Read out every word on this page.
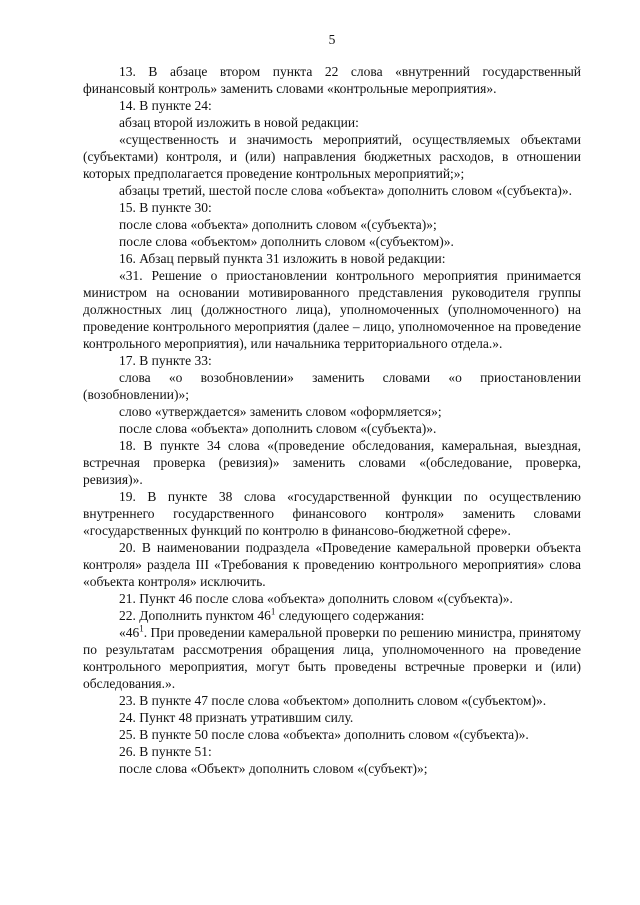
5

13. В абзаце втором пункта 22 слова «внутренний государственный финансовый контроль» заменить словами «контрольные мероприятия».

14. В пункте 24:

абзац второй изложить в новой редакции:

«существенность и значимость мероприятий, осуществляемых объектами (субъектами) контроля, и (или) направления бюджетных расходов, в отношении которых предполагается проведение контрольных мероприятий;»;

абзацы третий, шестой после слова «объекта» дополнить словом «(субъекта)».

15. В пункте 30:

после слова «объекта» дополнить словом «(субъекта)»;

после слова «объектом» дополнить словом «(субъектом)».

16. Абзац первый пункта 31 изложить в новой редакции:

«31. Решение о приостановлении контрольного мероприятия принимается министром на основании мотивированного представления руководителя группы должностных лиц (должностного лица), уполномоченных (уполномоченного) на проведение контрольного мероприятия (далее – лицо, уполномоченное на проведение контрольного мероприятия), или начальника территориального отдела.».

17. В пункте 33:

слова «о возобновлении» заменить словами «о приостановлении (возобновлении)»;

слово «утверждается» заменить словом «оформляется»;

после слова «объекта» дополнить словом «(субъекта)».

18. В пункте 34 слова «(проведение обследования, камеральная, выездная, встречная проверка (ревизия)» заменить словами «(обследование, проверка, ревизия)».

19. В пункте 38 слова «государственной функции по осуществлению внутреннего государственного финансового контроля» заменить словами «государственных функций по контролю в финансово-бюджетной сфере».

20. В наименовании подраздела «Проведение камеральной проверки объекта контроля» раздела III «Требования к проведению контрольного мероприятия» слова «объекта контроля» исключить.

21. Пункт 46 после слова «объекта» дополнить словом «(субъекта)».

22. Дополнить пунктом $46^1$ следующего содержания:

«$46^1$. При проведении камеральной проверки по решению министра, принятому по результатам рассмотрения обращения лица, уполномоченного на проведение контрольного мероприятия, могут быть проведены встречные проверки и (или) обследования.».

23. В пункте 47 после слова «объектом» дополнить словом «(субъектом)».

24. Пункт 48 признать утратившим силу.

25. В пункте 50 после слова «объекта» дополнить словом «(субъекта)».

26. В пункте 51:

после слова «Объект» дополнить словом «(субъект)»;
